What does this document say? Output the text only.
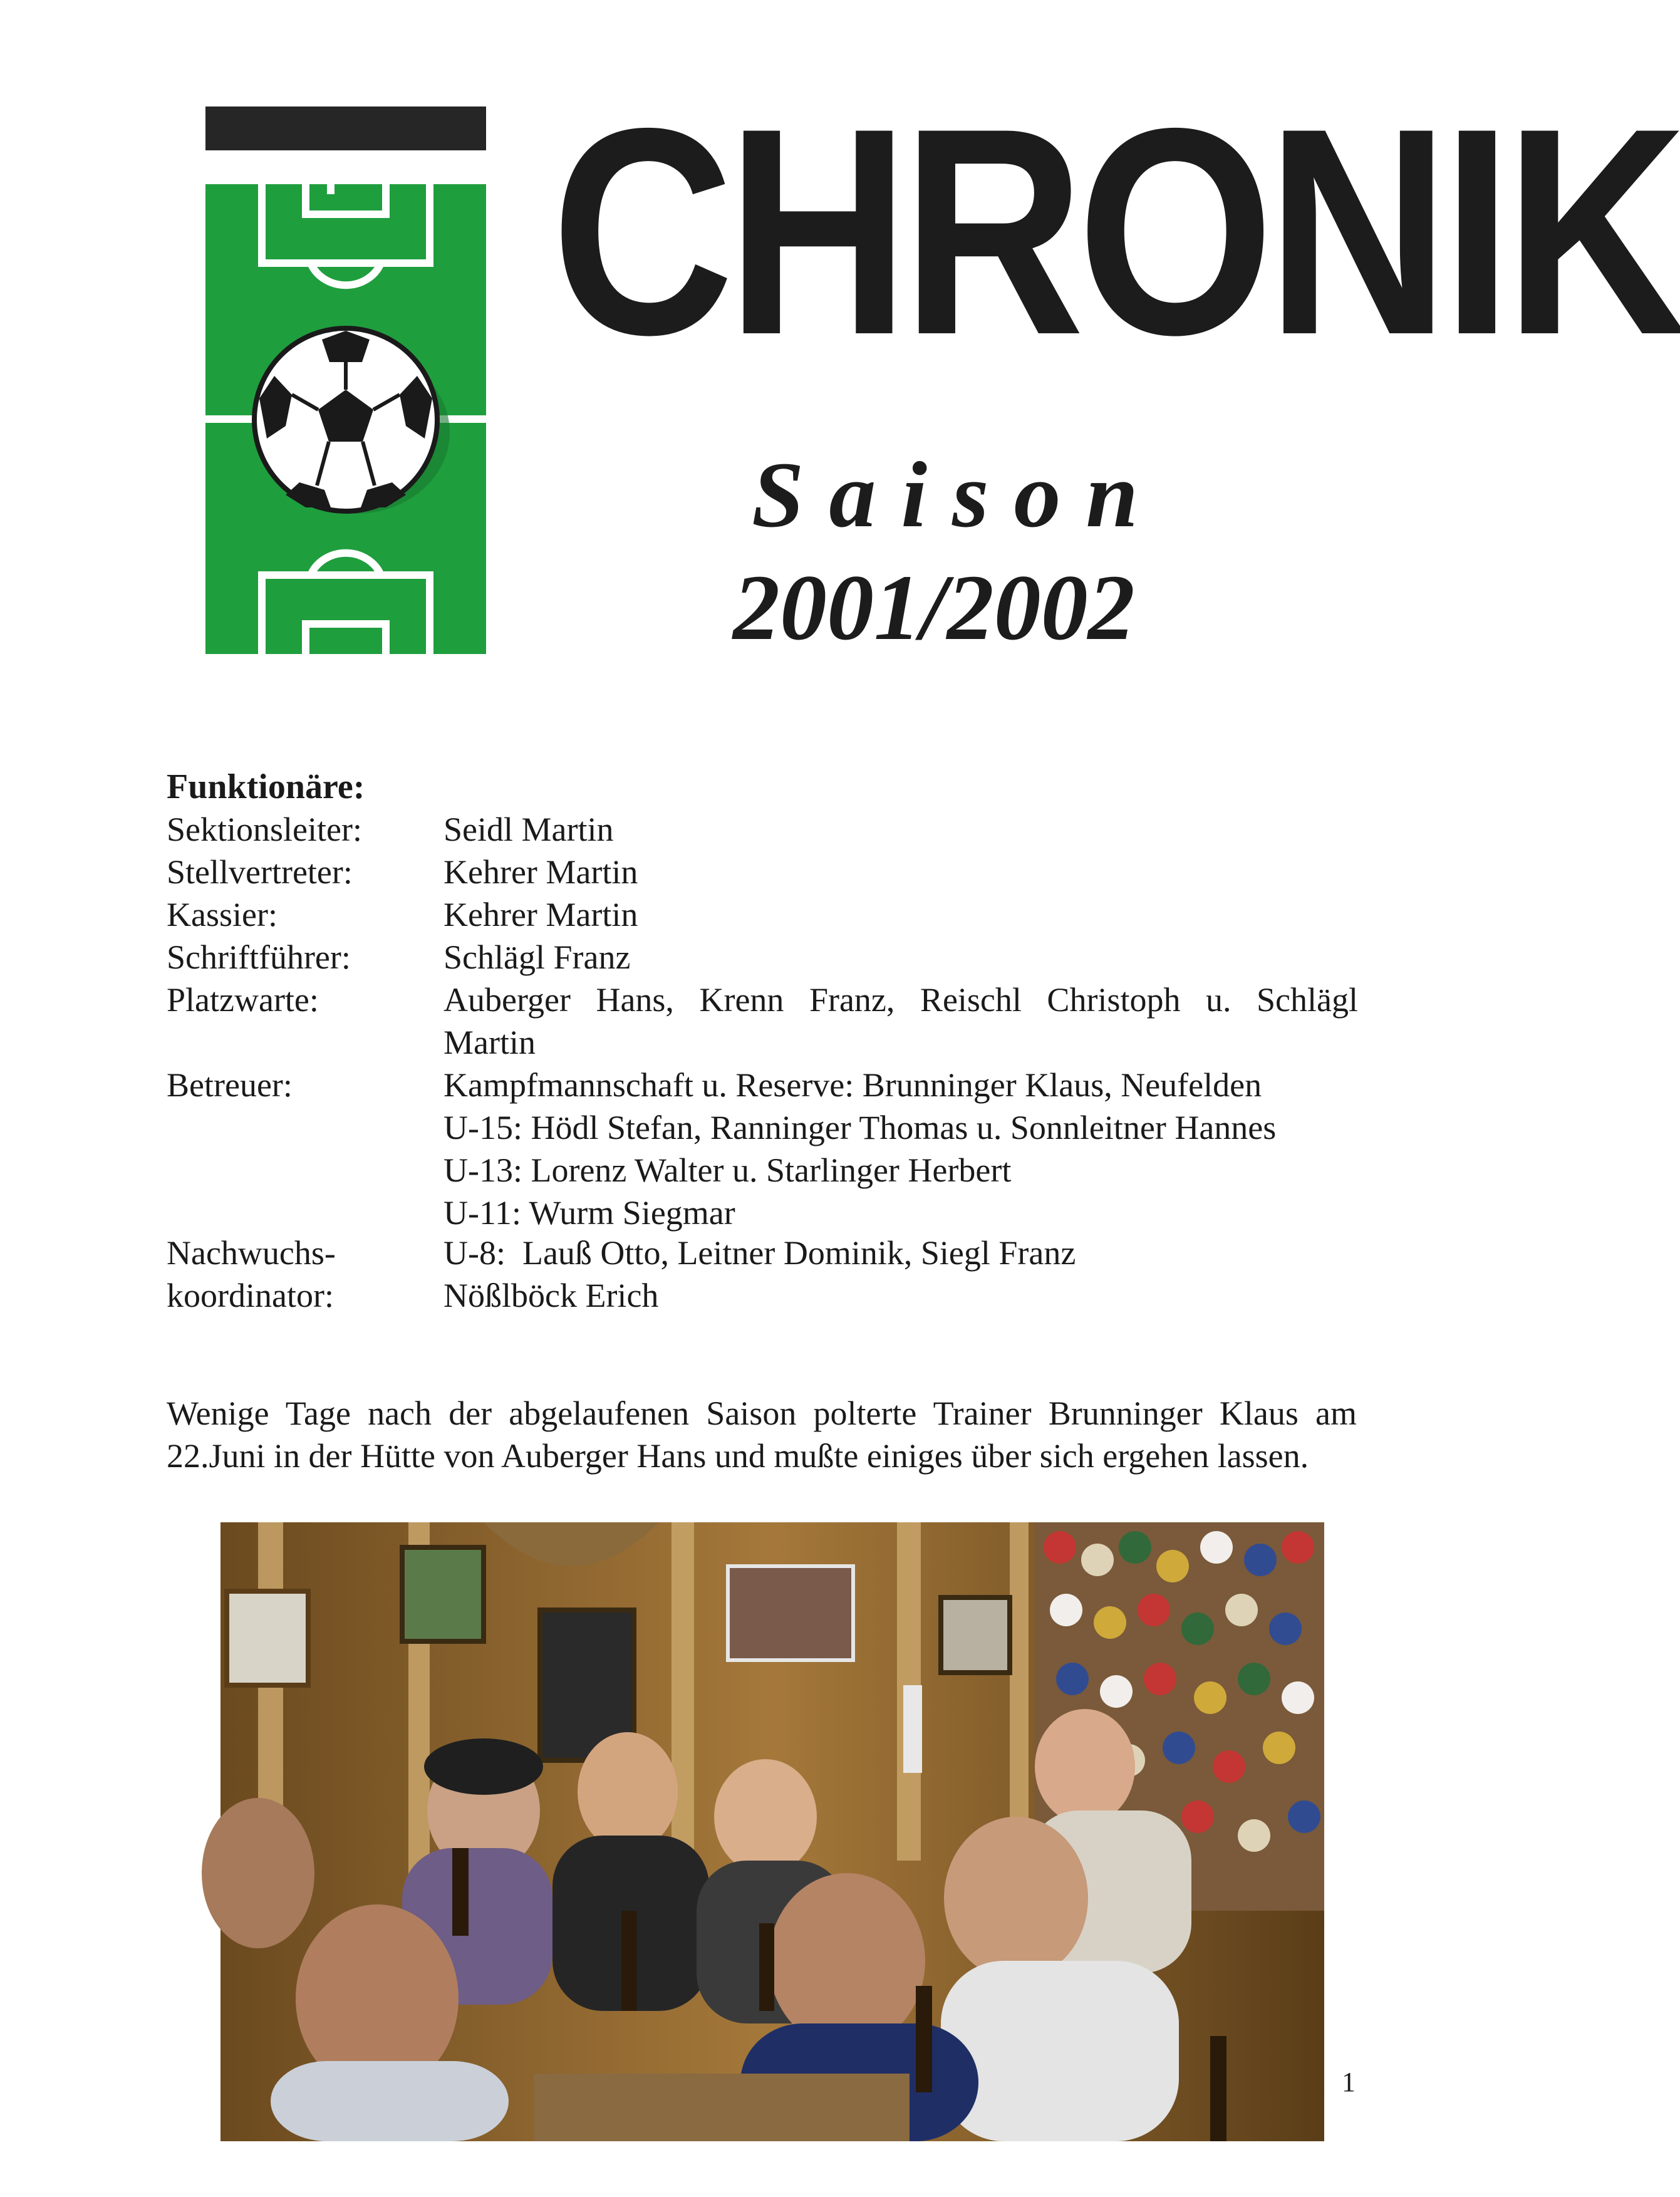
CHRONIK
Saison
2001/2002
Funktionäre:
Sektionsleiter:	Seidl Martin
Stellvertreter:	Kehrer Martin
Kassier:	Kehrer Martin
Schriftführer:	Schlägl Franz
Platzwarte:	Auberger Hans, Krenn Franz, Reischl Christoph u. Schlägl
Martin
Betreuer:	Kampfmannschaft u. Reserve: Brunninger Klaus, Neufelden
U-15: Hödl Stefan, Ranninger Thomas u. Sonnleitner Hannes
U-13: Lorenz Walter u. Starlinger Herbert
U-11: Wurm Siegmar
Nachwuchs-	U-8:  Lauß Otto, Leitner Dominik, Siegl Franz
koordinator:	Nößlböck Erich

Wenige Tage nach der abgelaufenen Saison polterte Trainer Brunninger Klaus am 22.Juni in der Hütte von Auberger Hans und mußte einiges über sich ergehen lassen.

1
